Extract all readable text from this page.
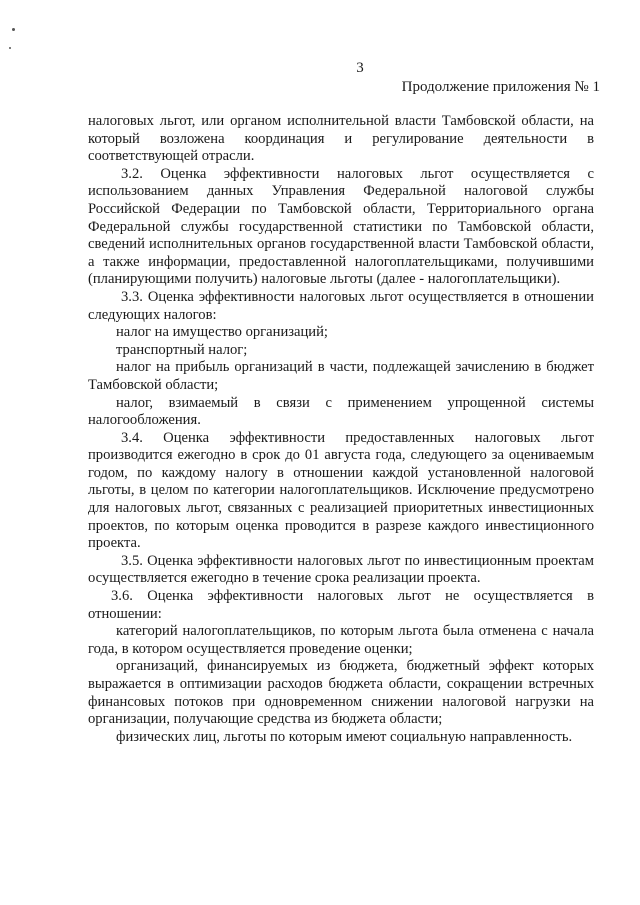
3
Продолжение приложения № 1

налоговых льгот, или органом исполнительной власти Тамбовской области, на который возложена координация и регулирование деятельности в соответствующей отрасли.

3.2. Оценка эффективности налоговых льгот осуществляется с использованием данных Управления Федеральной налоговой службы Российской Федерации по Тамбовской области, Территориального органа Федеральной службы государственной статистики по Тамбовской области, сведений исполнительных органов государственной власти Тамбовской области, а также информации, предоставленной налогоплательщиками, получившими (планирующими получить) налоговые льготы (далее - налогоплательщики).

3.3. Оценка эффективности налоговых льгот осуществляется в отношении следующих налогов:

налог на имущество организаций;

транспортный налог;

налог на прибыль организаций в части, подлежащей зачислению в бюджет Тамбовской области;

налог, взимаемый в связи с применением упрощенной системы налогообложения.

3.4. Оценка эффективности предоставленных налоговых льгот производится ежегодно в срок до 01 августа года, следующего за оцениваемым годом, по каждому налогу в отношении каждой установленной налоговой льготы, в целом по категории налогоплательщиков. Исключение предусмотрено для налоговых льгот, связанных с реализацией приоритетных инвестиционных проектов, по которым оценка проводится в разрезе каждого инвестиционного проекта.

3.5. Оценка эффективности налоговых льгот по инвестиционным проектам осуществляется ежегодно в течение срока реализации проекта.

3.6. Оценка эффективности налоговых льгот не осуществляется в отношении:

категорий налогоплательщиков, по которым льгота была отменена с начала года, в котором осуществляется проведение оценки;

организаций, финансируемых из бюджета, бюджетный эффект которых выражается в оптимизации расходов бюджета области, сокращении встречных финансовых потоков при одновременном снижении налоговой нагрузки на организации, получающие средства из бюджета области;

физических лиц, льготы по которым имеют социальную направленность.
